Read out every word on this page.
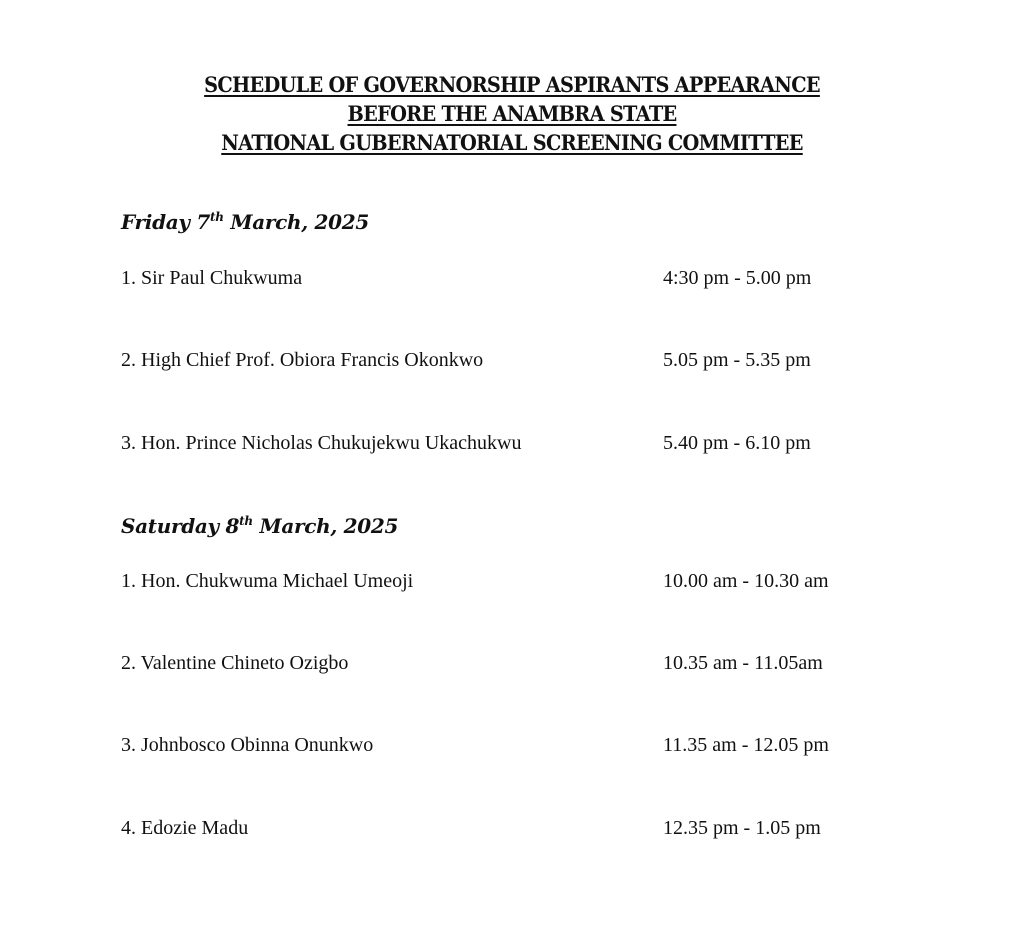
SCHEDULE OF GOVERNORSHIP ASPIRANTS APPEARANCE
BEFORE THE ANAMBRA STATE
NATIONAL GUBERNATORIAL SCREENING COMMITTEE
Friday 7th March, 2025
1. Sir Paul Chukwuma	4:30 pm - 5.00 pm
2. High Chief Prof. Obiora Francis Okonkwo	5.05 pm - 5.35 pm
3. Hon. Prince Nicholas Chukujekwu Ukachukwu	5.40 pm - 6.10 pm
Saturday 8th March, 2025
1. Hon. Chukwuma Michael Umeoji	10.00 am - 10.30 am
2. Valentine Chineto Ozigbo	10.35 am - 11.05am
3. Johnbosco Obinna Onunkwo	11.35 am - 12.05 pm
4. Edozie Madu	12.35 pm - 1.05 pm
